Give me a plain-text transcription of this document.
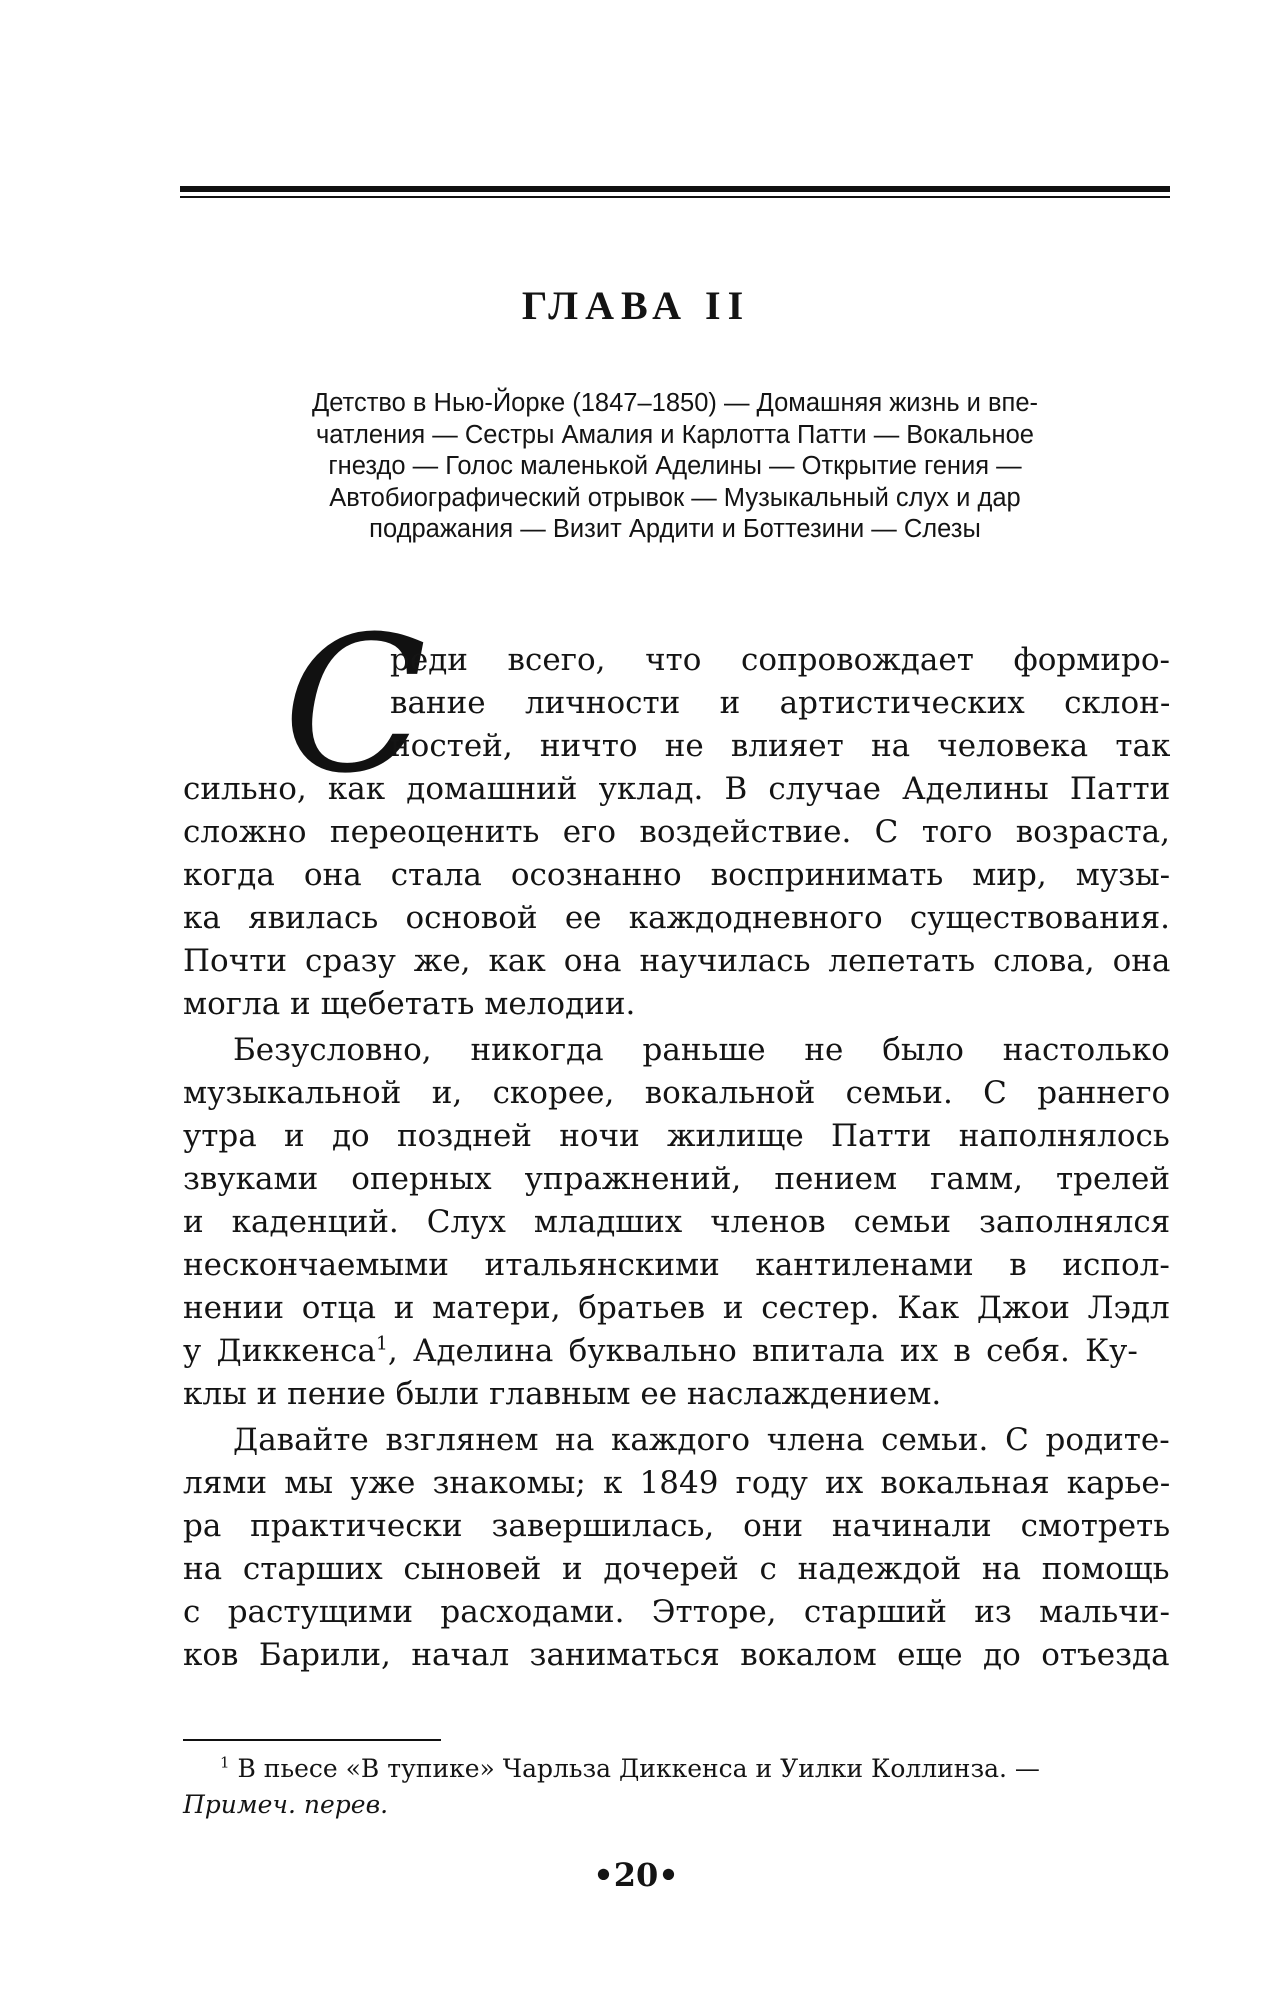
ГЛАВА II
Детство в Нью-Йорке (1847–1850) — Домашняя жизнь и впе-
чатления — Сестры Амалия и Карлотта Патти — Вокальное
гнездо — Голос маленькой Аделины — Открытие гения —
Автобиографический отрывок — Музыкальный слух и дар
подражания — Визит Ардити и Боттезини — Слезы
С
реди всего, что сопровождает формиро-
вание личности и артистических склон-
ностей, ничто не влияет на человека так
сильно, как домашний уклад. В случае Аделины Патти
сложно переоценить его воздействие. С того возраста,
когда она стала осознанно воспринимать мир, музы-
ка явилась основой ее каждодневного существования.
Почти сразу же, как она научилась лепетать слова, она
могла и щебетать мелодии.
Безусловно, никогда раньше не было настолько
музыкальной и, скорее, вокальной семьи. С раннего
утра и до поздней ночи жилище Патти наполнялось
звуками оперных упражнений, пением гамм, трелей
и каденций. Слух младших членов семьи заполнялся
нескончаемыми итальянскими кантиленами в испол-
нении отца и матери, братьев и сестер. Как Джои Лэдл
у Диккенса$^1$, Аделина буквально впитала их в себя. Ку-
клы и пение были главным ее наслаждением.
Давайте взглянем на каждого члена семьи. С родите-
лями мы уже знакомы; к 1849 году их вокальная карье-
ра практически завершилась, они начинали смотреть
на старших сыновей и дочерей с надеждой на помощь
с растущими расходами. Этторе, старший из мальчи-
ков Барили, начал заниматься вокалом еще до отъезда
$^1$ В пьесе «В тупике» Чарльза Диккенса и Уилки Коллинза. —
Примеч. перев.
•20•
